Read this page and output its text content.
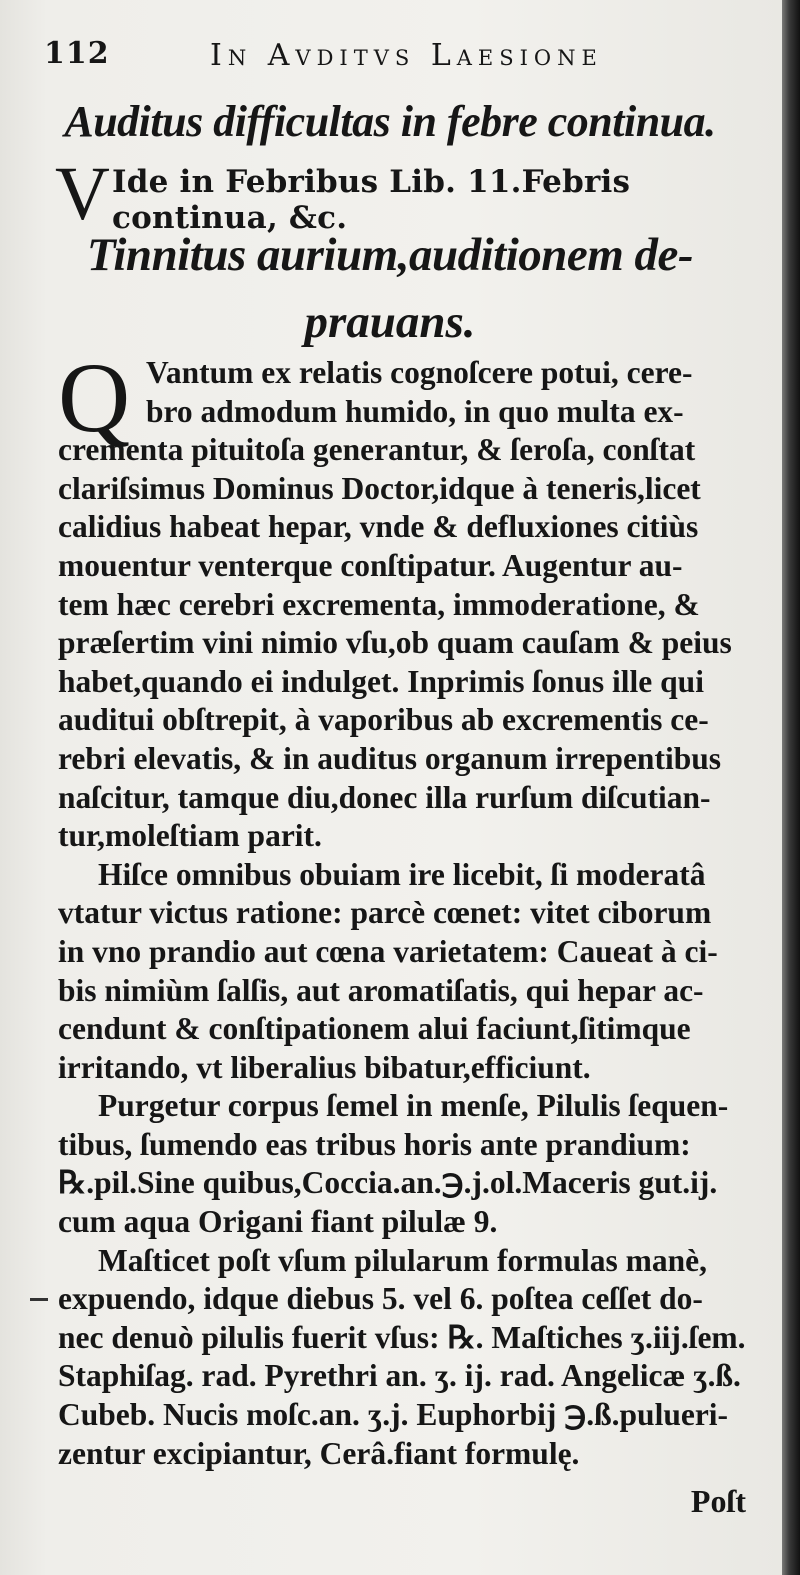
112	In Avditvs Laesione
Auditus difficultas in febre continua.
V Ide in Febribus Lib. 11.Febris continua, &c.
Tinnitus aurium,auditionem de-
prauans.
Q Vantum ex relatis cognoſcere potui, cere-
bro admodum humido, in quo multa ex-
crementa pituitoſa generantur, & ſeroſa, conſtat
clariſsimus Dominus Doctor,idque à teneris,licet
calidius habeat hepar, vnde & defluxiones citiùs
mouentur venterque conſtipatur. Augentur au-
tem hæc cerebri excrementa, immoderatione, &
præſertim vini nimio vſu,ob quam cauſam & peius
habet,quando ei indulget. Inprimis ſonus ille qui
auditui obſtrepit, à vaporibus ab excrementis ce-
rebri elevatis, & in auditus organum irrepentibus
naſcitur, tamque diu,donec illa rurſum diſcutian-
tur,moleſtiam parit.
Hiſce omnibus obuiam ire licebit, ſi moderatâ
vtatur victus ratione: parcè cœnet: vitet ciborum
in vno prandio aut cœna varietatem: Caueat à ci-
bis nimiùm ſalſis, aut aromatiſatis, qui hepar ac-
cendunt & conſtipationem alui faciunt,ſitimque
irritando, vt liberalius bibatur,efficiunt.
Purgetur corpus ſemel in menſe, Pilulis ſequen-
tibus, ſumendo eas tribus horis ante prandium:
℞.pil.Sine quibus,Coccia.an.℈.j.ol.Maceris gut.ij.
cum aqua Origani fiant pilulæ 9.
Maſticet poſt vſum pilularum formulas manè,
expuendo, idque diebus 5. vel 6. poſtea ceſſet do-
nec denuò pilulis fuerit vſus: ℞. Maſtiches ʒ.iij.ſem.
Staphiſag. rad. Pyrethri an. ʒ. ij. rad. Angelicæ ʒ.ß.
Cubeb. Nucis moſc.an. ʒ.j. Euphorbij ℈.ß.pulueri-
zentur excipiantur, Cerâ.fiant formulę.
Poſt
